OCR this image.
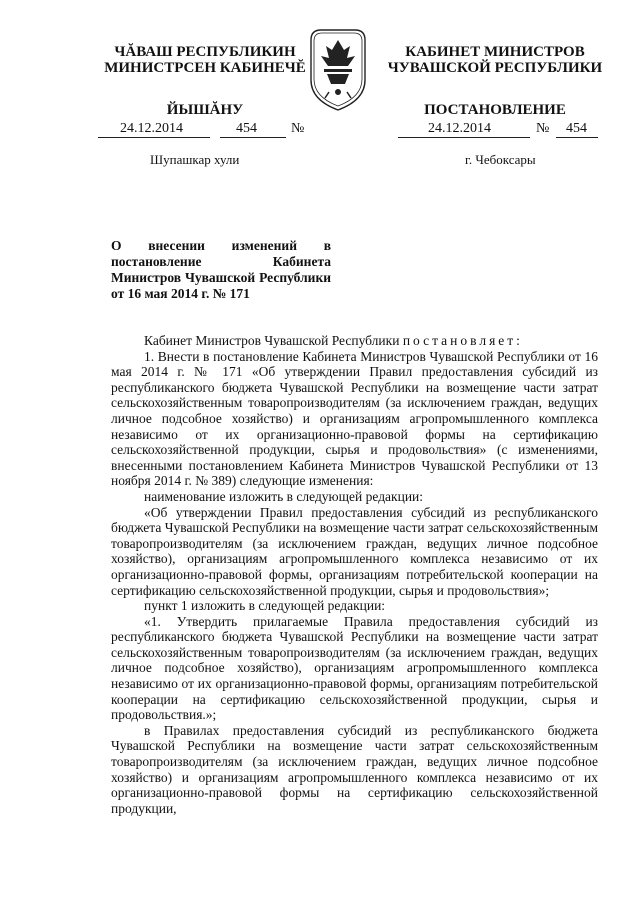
ЧĂВАШ РЕСПУБЛИКИН
МИНИСТРСЕН КАБИНЕЧĔ
ЙЫШĂНУ
КАБИНЕТ МИНИСТРОВ
ЧУВАШСКОЙ РЕСПУБЛИКИ
ПОСТАНОВЛЕНИЕ
24.12.2014	454 №	24.12.2014	№ 454
Шупашкар хули	г. Чебоксары
О внесении изменений в постановление Кабинета Министров Чувашской Республики от 16 мая 2014 г. № 171

Кабинет Министров Чувашской Республики постановляет:

1. Внести в постановление Кабинета Министров Чувашской Республики от 16 мая 2014 г. № 171 «Об утверждении Правил предоставления субсидий из республиканского бюджета Чувашской Республики на возмещение части затрат сельскохозяйственным товаропроизводителям (за исключением граждан, ведущих личное подсобное хозяйство) и организациям агропромышленного комплекса независимо от их организационно-правовой формы на сертификацию сельскохозяйственной продукции, сырья и продовольствия» (с изменениями, внесенными постановлением Кабинета Министров Чувашской Республики от 13 ноября 2014 г. № 389) следующие изменения:

наименование изложить в следующей редакции:

«Об утверждении Правил предоставления субсидий из республиканского бюджета Чувашской Республики на возмещение части затрат сельскохозяйственным товаропроизводителям (за исключением граждан, ведущих личное подсобное хозяйство), организациям агропромышленного комплекса независимо от их организационно-правовой формы, организациям потребительской кооперации на сертификацию сельскохозяйственной продукции, сырья и продовольствия»;

пункт 1 изложить в следующей редакции:

«1. Утвердить прилагаемые Правила предоставления субсидий из республиканского бюджета Чувашской Республики на возмещение части затрат сельскохозяйственным товаропроизводителям (за исключением граждан, ведущих личное подсобное хозяйство), организациям агропромышленного комплекса независимо от их организационно-правовой формы, организациям потребительской кооперации на сертификацию сельскохозяйственной продукции, сырья и продовольствия.»;

в Правилах предоставления субсидий из республиканского бюджета Чувашской Республики на возмещение части затрат сельскохозяйственным товаропроизводителям (за исключением граждан, ведущих личное подсобное хозяйство) и организациям агропромышленного комплекса независимо от их организационно-правовой формы на сертификацию сельскохозяйственной продукции,
